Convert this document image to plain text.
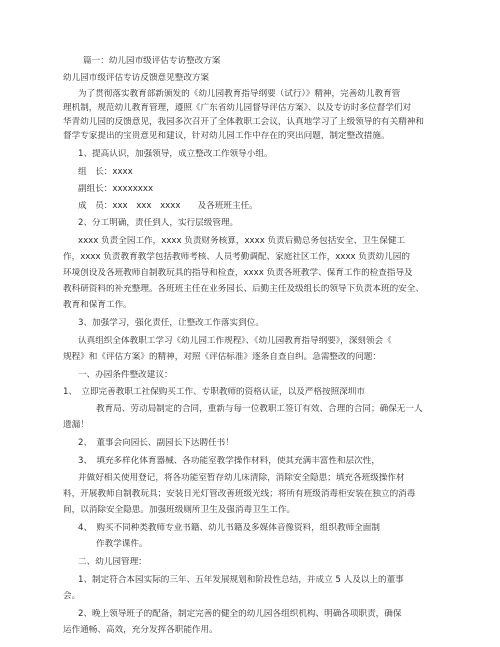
篇一：幼儿园市级评估专访整改方案
幼儿园市级评估专访反馈意见整改方案
为了贯彻落实教育部新颁发的《幼儿园教育指导纲要（试行）》精神，完善幼儿教育管
理机制，规范幼儿教育管理，遵照《广东省幼儿园督导评估方案》、以及专访时多位督学们对
华青幼儿园的反馈意见，我园多次召开了全体教职工会议，认真地学习了上级领导的有关精神和
督学专家提出的宝贵意见和建议，针对幼儿园工作中存在的突出问题，制定整改措施。
1、提高认识，加强领导，成立整改工作领导小组。
组　长：xxxx
副组长：xxxxxxxx
成　员：xxx　xxx　xxxx　　及各班班主任。
2、分工明确，责任到人，实行层级管理。
xxxx 负责全园工作，xxxx 负责财务核算，xxxx 负责后勤总务包括安全、卫生保健工
作，xxxx 负责教育教学包括教师考核、人员考勤调配、家庭社区工作，xxxx 负责幼儿园的
环境创设及各班教师自制教玩具的指导和检查，xxxx 负责各班教学、保育工作的检查指导及
教科研资料的补充整理。各班班主任在业务园长、后勤主任及级组长的领导下负责本班的安全、
教育和保育工作。
3、加强学习，强化责任，让整改工作落实到位。
认真组织全体教职工学习《幼儿园工作规程》、《幼儿园教育指导纲要》，深刻领会《
规程》和《评估方案》的精神，对照《评估标准》逐条自查自纠。急需整改的问题：
一、办园条件整改建议：
1、　立即完善教职工社保购买工作、专职教师的资格认证，以及严格按照深圳市
教育局、劳动局制定的合同，重新与每一位教职工签订有效、合理的合同；确保无一人
遗漏！
2、　董事会向园长、副园长下达聘任书！
3、　填充多样化体育器械、各功能室教学操作材料，使其充满丰富性和层次性，
并做好相关使用登记，将各功能室暂存幼儿床清除，消除安全隐患；填充各班级操作材
料，开展教师自制教玩具；安装日光灯管改善班级光线；将所有班级消毒柜安装在独立的消毒
间，以消除安全隐患。加强班级厕所卫生及强消毒卫生工作。
4、　购买不同种类教师专业书籍、幼儿书籍及多媒体音像资料，组织教师全面制
作教学课件。
二、幼儿园管理：
1、制定符合本园实际的三年、五年发展规划和阶段性总结，并成立 5 人及以上的董事
会。
2、晚上领导班子的配备，制定完善的健全的幼儿园各组织机构、明确各项职责，确保
运作通畅、高效，充分发挥各职能作用。
